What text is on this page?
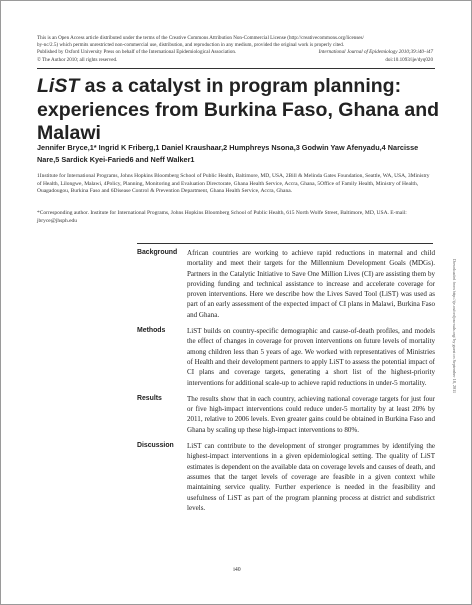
This is an Open Access article distributed under the terms of the Creative Commons Attribution Non-Commercial License (http://creativecommons.org/licenses/
by-nc/2.5) which permits unrestricted non-commercial use, distribution, and reproduction in any medium, provided the original work is properly cited.
Published by Oxford University Press on behalf of the International Epidemiological Association.	International Journal of Epidemiology 2010;39:i40–i47
© The Author 2010; all rights reserved.	doi:10.1093/ije/dyq020
LiST as a catalyst in program planning: experiences from Burkina Faso, Ghana and Malawi
Jennifer Bryce,1* Ingrid K Friberg,1 Daniel Kraushaar,2 Humphreys Nsona,3 Godwin Yaw Afenyadu,4 Narcisse Nare,5 Sardick Kyei-Faried6 and Neff Walker1
1Institute for International Programs, Johns Hopkins Bloomberg School of Public Health, Baltimore, MD, USA, 2Bill & Melinda Gates Foundation, Seattle, WA, USA, 3Ministry of Health, Lilongwe, Malawi, 4Policy, Planning, Monitoring and Evaluation Directorate, Ghana Health Service, Accra, Ghana, 5Office of Family Health, Ministry of Health, Ouagadougou, Burkina Faso and 6Disease Control & Prevention Department, Ghana Health Service, Accra, Ghana.
*Corresponding author. Institute for International Programs, Johns Hopkins Bloomberg School of Public Health, 615 North Wolfe Street, Baltimore, MD, USA. E-mail: jbryce@jhsph.edu
Background	African countries are working to achieve rapid reductions in maternal and child mortality and meet their targets for the Millennium Development Goals (MDGs). Partners in the Catalytic Initiative to Save One Million Lives (CI) are assisting them by providing funding and technical assistance to increase and accelerate coverage for proven interventions. Here we describe how the Lives Saved Tool (LiST) was used as part of an early assessment of the expected impact of CI plans in Malawi, Burkina Faso and Ghana.
Methods	LiST builds on country-specific demographic and cause-of-death profiles, and models the effect of changes in coverage for proven interventions on future levels of mortality among children less than 5 years of age. We worked with representatives of Ministries of Health and their development partners to apply LiST to assess the potential impact of CI plans and coverage targets, generating a short list of the highest-priority interventions for additional scale-up to achieve rapid reductions in under-5 mortality.
Results	The results show that in each country, achieving national coverage targets for just four or five high-impact interventions could reduce under-5 mortality by at least 20% by 2011, relative to 2006 levels. Even greater gains could be obtained in Burkina Faso and Ghana by scaling up these high-impact interventions to 80%.
Discussion	LiST can contribute to the development of stronger programmes by identifying the highest-impact interventions in a given epidemiological setting. The quality of LiST estimates is dependent on the available data on coverage levels and causes of death, and assumes that the target levels of coverage are feasible in a given context while maintaining service quality. Further experience is needed in the feasibility and usefulness of LiST as part of the program planning process at district and subdistrict levels.
i40
Downloaded from http://ije.oxfordjournals.org/ by guest on September 18, 2011
